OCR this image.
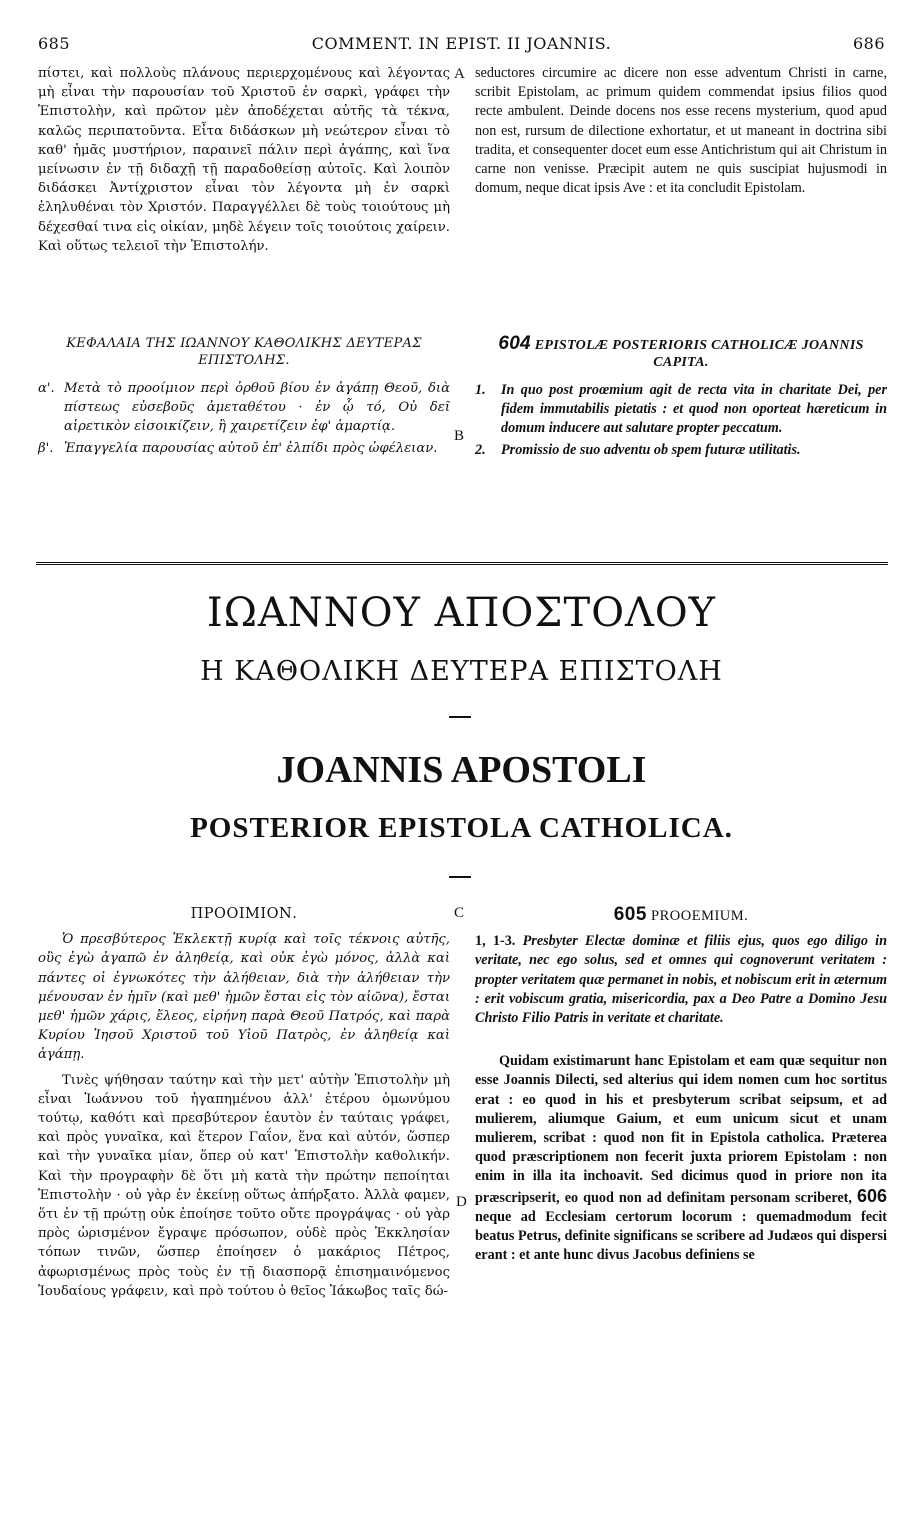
685	COMMENT. IN EPIST. II JOANNIS.	686

πίστει, καὶ πολλοὺς πλάνους περιερχομένους καὶ λέγοντας μὴ εἶναι τὴν παρουσίαν τοῦ Χριστοῦ ἐν σαρκὶ, γράφει τὴν Ἐπιστολὴν, καὶ πρῶτον μὲν ἀποδέχεται αὐτῆς τὰ τέκνα, καλῶς περιπατοῦντα. Εἶτα διδάσκων μὴ νεώτερον εἶναι τὸ καθ' ἡμᾶς μυστήριον, παραινεῖ πάλιν περὶ ἀγάπης, καὶ ἵνα μείνωσιν ἐν τῇ διδαχῇ τῇ παραδοθείσῃ αὐτοῖς. Καὶ λοιπὸν διδάσκει Ἀντίχριστον εἶναι τὸν λέγοντα μὴ ἐν σαρκὶ ἐληλυθέναι τὸν Χριστόν. Παραγγέλλει δὲ τοὺς τοιούτους μὴ δέχεσθαί τινα εἰς οἰκίαν, μηδὲ λέγειν τοῖς τοιούτοις χαίρειν. Καὶ οὕτως τελειοῖ τὴν Ἐπιστολήν.

A seductores circumire ac dicere non esse adventum Christi in carne, scribit Epistolam, ac primum quidem commendat ipsius filios quod recte ambulent. Deinde docens nos esse recens mysterium, quod apud non est, rursum de dilectione exhortatur, et ut maneant in doctrina sibi tradita, et consequenter docet eum esse Antichristum qui ait Christum in carne non venisse. Præcipit autem ne quis suscipiat hujusmodi in domum, neque dicat ipsis Ave : et ita concludit Epistolam.

ΚΕΦΑΛΑΙΑ ΤΗΣ ΙΩΑΝΝΟΥ ΚΑΘΟΛΙΚΗΣ ΔΕΥΤΕΡΑΣ ΕΠΙΣΤΟΛΗΣ.
α'. Μετὰ τὸ προοίμιον περὶ ὀρθοῦ βίου ἐν ἀγάπῃ Θεοῦ, διὰ πίστεως εὐσεβοῦς ἀμεταθέτου · ἐν ᾧ τό, Οὐ δεῖ αἱρετικὸν εἰσοικίζειν, ἢ χαιρετίζειν ἐφ' ἁμαρτίᾳ.
β'. Ἐπαγγελία παρουσίας αὐτοῦ ἐπ' ἐλπίδι πρὸς ὠφέλειαν.
B
604 EPISTOLÆ POSTERIORIS CATHOLICÆ JOANNIS CAPITA.
1.	In quo post proœmium agit de recta vita in charitate Dei, per fidem immutabilis pietatis : et quod non oporteat hæreticum in domum inducere aut salutare propter peccatum.
2.	Promissio de suo adventu ob spem futuræ utilitatis.
ΙΩΑΝΝΟΥ ΑΠΟΣΤΟΛΟΥ
Η ΚΑΘΟΛΙΚΗ ΔΕΥΤΕΡΑ ΕΠΙΣΤΟΛΗ
JOANNIS APOSTOLI
POSTERIOR EPISTOLA CATHOLICA.
ΠΡΟΟΙΜΙΟΝ.

Ὁ πρεσβύτερος Ἐκλεκτῇ κυρίᾳ καὶ τοῖς τέκνοις αὐτῆς, οὓς ἐγὼ ἀγαπῶ ἐν ἀληθείᾳ, καὶ οὐκ ἐγὼ μόνος, ἀλλὰ καὶ πάντες οἱ ἐγνωκότες τὴν ἀλήθειαν, διὰ τὴν ἀλήθειαν τὴν μένουσαν ἐν ἡμῖν (καὶ μεθ' ἡμῶν ἔσται εἰς τὸν αἰῶνα), ἔσται μεθ' ἡμῶν χάρις, ἔλεος, εἰρήνη παρὰ Θεοῦ Πατρός, καὶ παρὰ Κυρίου Ἰησοῦ Χριστοῦ τοῦ Υἱοῦ Πατρὸς, ἐν ἀληθείᾳ καὶ ἀγάπῃ.

Τινὲς ψήθησαν ταύτην καὶ τὴν μετ' αὐτὴν Ἐπιστολὴν μὴ εἶναι Ἰωάννου τοῦ ἠγαπημένου ἀλλ' ἑτέρου ὁμωνύμου τούτῳ, καθότι καὶ πρεσβύτερον ἑαυτὸν ἐν ταύταις γράφει, καὶ πρὸς γυναῖκα, καὶ ἕτερον Γαΐον, ἕνα καὶ αὐτόν, ὥσπερ καὶ τὴν γυναῖκα μίαν, ὅπερ οὐ κατ' Ἐπιστολὴν καθολικήν. Καὶ τὴν προγραφὴν δὲ ὅτι μὴ κατὰ τὴν πρώτην πεποίηται Ἐπιστολὴν · οὐ γὰρ ἐν ἐκείνῃ οὕτως ἀπήρξατο. Ἀλλὰ φαμεν, ὅτι ἐν τῇ πρώτῃ οὐκ ἐποίησε τοῦτο οὔτε προγράψας · οὐ γὰρ πρὸς ὡρισμένον ἔγραψε πρόσωπον, οὐδὲ πρὸς Ἐκκλησίαν τόπων τινῶν, ὥσπερ ἐποίησεν ὁ μακάριος Πέτρος, ἀφωρισμένως πρὸς τοὺς ἐν τῇ διασπορᾷ ἐπισημαινόμενος Ἰουδαίους γράφειν, καὶ πρὸ τούτου ὁ θεῖος Ἰάκωβος ταῖς δώ-

C
D
605 PROOEMIUM.

1, 1-3. Presbyter Electæ dominæ et filiis ejus, quos ego diligo in veritate, nec ego solus, sed et omnes qui cognoverunt veritatem : propter veritatem quæ permanet in nobis, et nobiscum erit in æternum : erit vobiscum gratia, misericordia, pax a Deo Patre a Domino Jesu Christo Filio Patris in veritate et charitate.

Quidam existimarunt hanc Epistolam et eam quæ sequitur non esse Joannis Dilecti, sed alterius qui idem nomen cum hoc sortitus erat : eo quod in his et presbyterum scribat seipsum, et ad mulierem, aliumque Gaium, et eum unicum sicut et unam mulierem, scribat : quod non fit in Epistola catholica. Præterea quod præscriptionem non fecerit juxta priorem Epistolam : non enim in illa ita inchoavit. Sed dicimus quod in priore non ita præscripserit, eo quod non ad definitam personam scriberet, 606 neque ad Ecclesiam certorum locorum : quemadmodum fecit beatus Petrus, definite significans se scribere ad Judæos qui dispersi erant : et ante hunc divus Jacobus definiens se
